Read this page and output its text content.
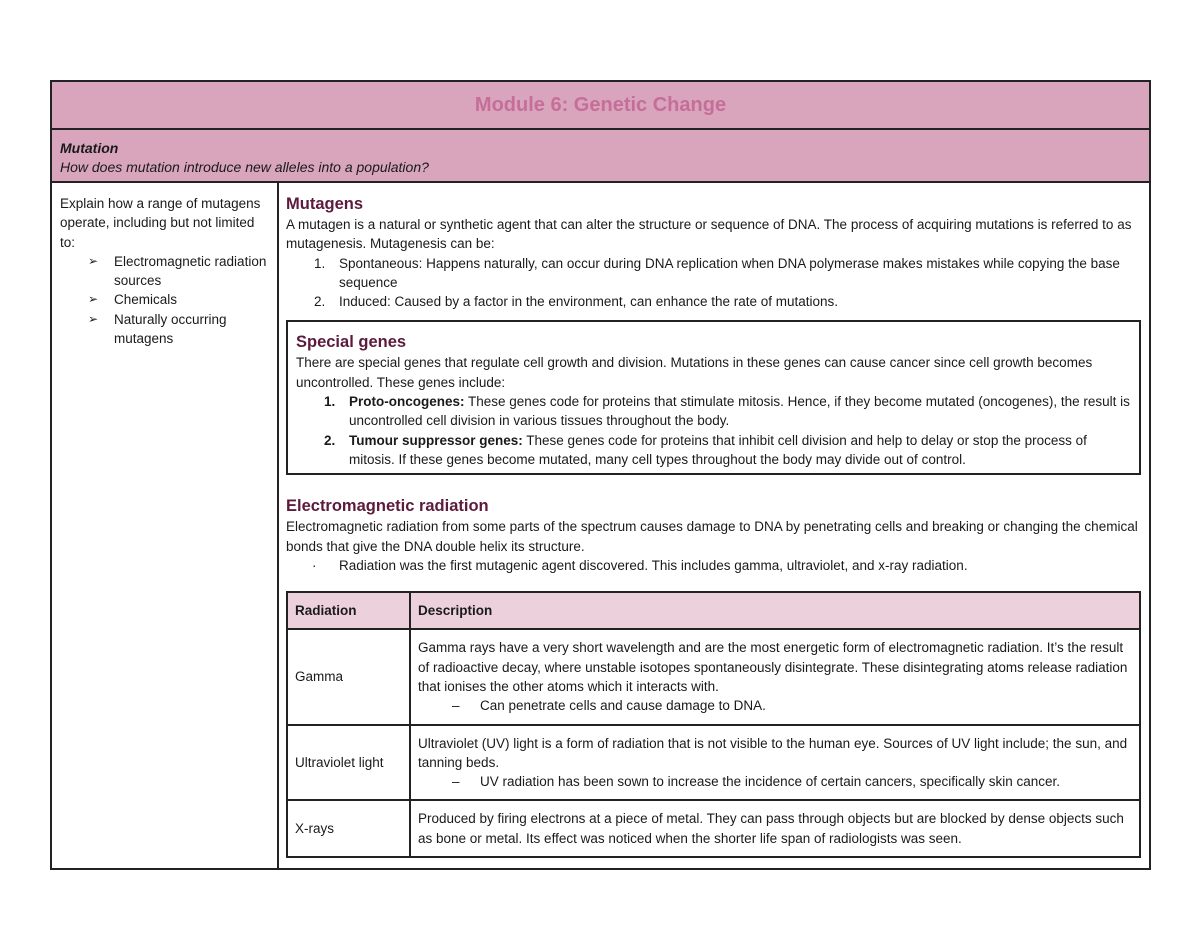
Module 6: Genetic Change
Mutation
How does mutation introduce new alleles into a population?
Explain how a range of mutagens operate, including but not limited to:
➢ Electromagnetic radiation sources
➢ Chemicals
➢ Naturally occurring mutagens
Mutagens

A mutagen is a natural or synthetic agent that can alter the structure or sequence of DNA. The process of acquiring mutations is referred to as mutagenesis. Mutagenesis can be:

1. Spontaneous: Happens naturally, can occur during DNA replication when DNA polymerase makes mistakes while copying the base sequence
2. Induced: Caused by a factor in the environment, can enhance the rate of mutations.
Special genes

There are special genes that regulate cell growth and division. Mutations in these genes can cause cancer since cell growth becomes uncontrolled. These genes include:

1. Proto-oncogenes: These genes code for proteins that stimulate mitosis. Hence, if they become mutated (oncogenes), the result is uncontrolled cell division in various tissues throughout the body.
2. Tumour suppressor genes: These genes code for proteins that inhibit cell division and help to delay or stop the process of mitosis. If these genes become mutated, many cell types throughout the body may divide out of control.
Electromagnetic radiation

Electromagnetic radiation from some parts of the spectrum causes damage to DNA by penetrating cells and breaking or changing the chemical bonds that give the DNA double helix its structure.

· Radiation was the first mutagenic agent discovered. This includes gamma, ultraviolet, and x-ray radiation.
Radiation	Description
Gamma	Gamma rays have a very short wavelength and are the most energetic form of electromagnetic radiation. It’s the result of radioactive decay, where unstable isotopes spontaneously disintegrate. These disintegrating atoms release radiation that ionises the other atoms which it interacts with.
– Can penetrate cells and cause damage to DNA.

Ultraviolet light	Ultraviolet (UV) light is a form of radiation that is not visible to the human eye. Sources of UV light include; the sun, and tanning beds.
– UV radiation has been sown to increase the incidence of certain cancers, specifically skin cancer.

X-rays	Produced by firing electrons at a piece of metal. They can pass through objects but are blocked by dense objects such as bone or metal. Its effect was noticed when the shorter life span of radiologists was seen.
